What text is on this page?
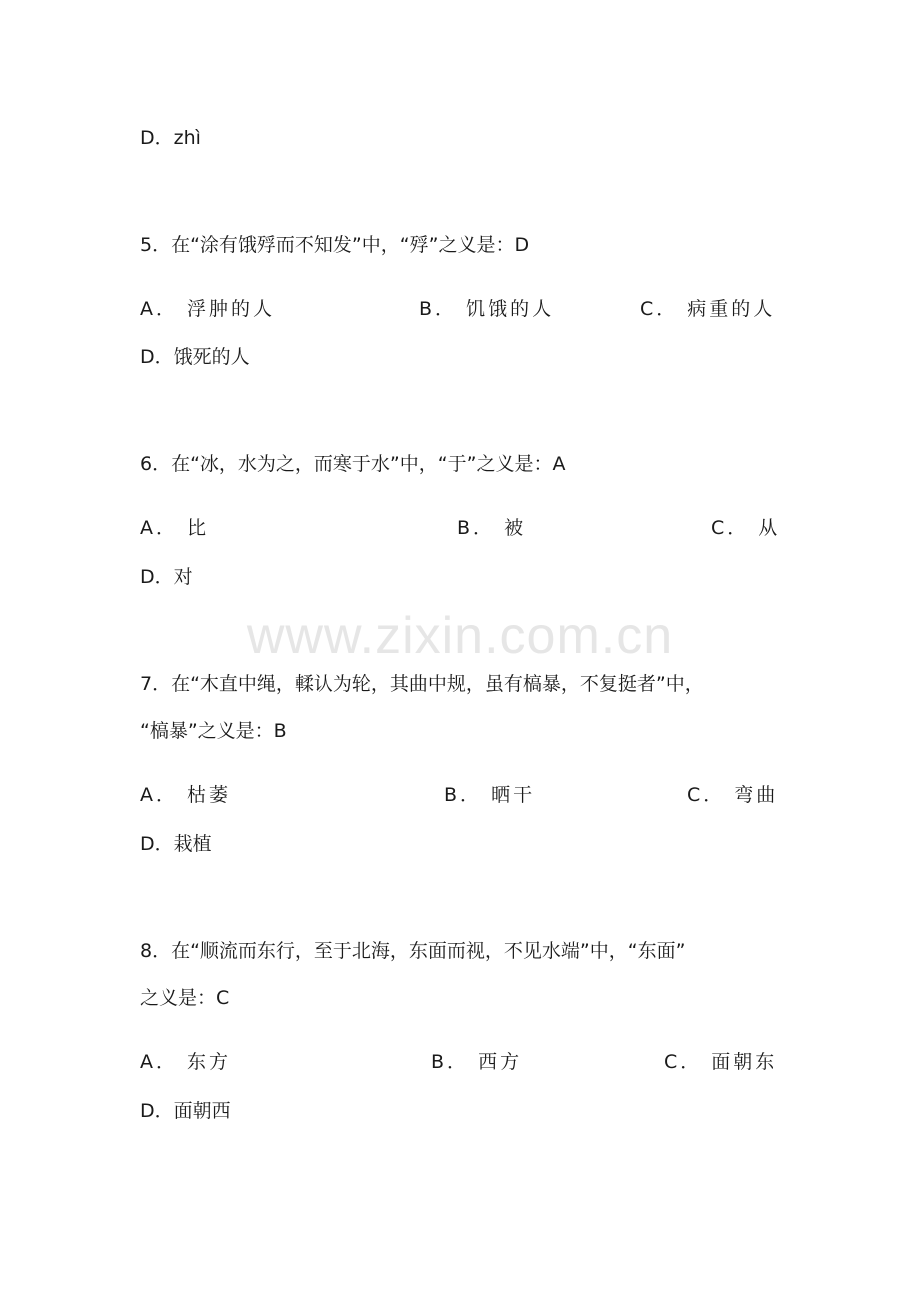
www.zixin.com.cn
D．zhì
5．在“涂有饿殍而不知发”中，“殍”之义是：D
A． 浮肿的人	B． 饥饿的人	C． 病重的人
D．饿死的人
6．在“冰，水为之，而寒于水”中，“于”之义是：A
A． 比	B． 被	C． 从
D．对
7．在“木直中绳，輮认为轮，其曲中规，虽有槁暴，不复挺者”中，
“槁暴”之义是：B
A． 枯萎	B． 晒干	C． 弯曲
D．栽植
8．在“顺流而东行，至于北海，东面而视，不见水端”中，“东面”
之义是：C
A． 东方	B． 西方	C． 面朝东
D．面朝西
